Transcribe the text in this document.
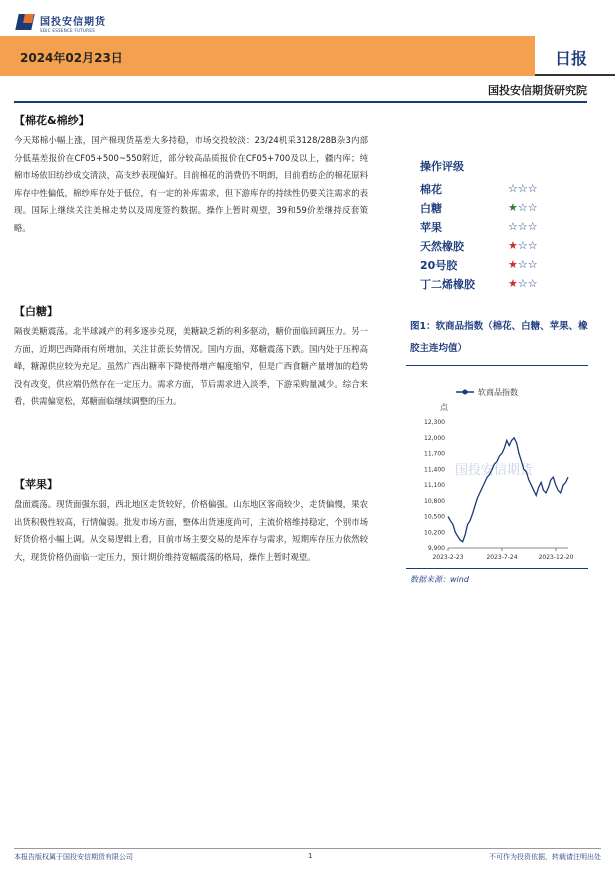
国投安信期货
SDIC ESSENCE FUTURES
2024年02月23日	日报
国投安信期货研究院
【棉花&棉纱】
今天郑棉小幅上涨，国产棉现货基差大多持稳，市场交投较淡：23/24机采3128/28B杂3内部分低基差报价在CF05+500~550附近，部分较高品质报价在CF05+700及以上，疆内库；纯棉市场依旧纺纱成交清淡，高支纱表现偏好。目前棉花的消费仍不明朗，目前看纺企的棉花原料库存中性偏低，棉纱库存处于低位，有一定的补库需求，但下游库存的持续性仍要关注需求的表现。国际上继续关注美棉走势以及周度签约数据。操作上暂时观望，39和59价差继持反套策略。
【白糖】
隔夜美糖震荡。北半球减产的利多逐步兑现，美糖缺乏新的利多驱动，糖价面临回调压力。另一方面，近期巴西降雨有所增加，关注甘蔗长势情况。国内方面，郑糖震荡下跌。国内处于压榨高峰，糖源供应较为充足。虽然广西出糖率下降使得增产幅度缩窄，但是广西食糖产量增加的趋势没有改变，供应端仍然存在一定压力。需求方面，节后需求进入淡季，下游采购量减少。综合来看，供需偏宽松，郑糖面临继续调整的压力。
【苹果】
盘面震荡。现货面强东弱，西北地区走货较好，价格偏强。山东地区客商较少，走货偏慢，果农出货积极性较高，行情偏弱。批发市场方面，整体出货速度尚可，主流价格维持稳定，个别市场好货价格小幅上调。从交易逻辑上看，目前市场主要交易的是库存与需求，短期库存压力依然较大，现货价格仍面临一定压力，预计期价维持宽幅震荡的格局，操作上暂时观望。
操作评级
棉花	☆☆☆
白糖	★☆☆
苹果	☆☆☆
天然橡胶	★☆☆
20号胶	★☆☆
丁二烯橡胶	★☆☆
图1：软商品指数（棉花、白糖、苹果、橡胶主连均值）
国投安信期货
软商品指数
点
9,900
10,200
10,500
10,800
11,100
11,400
11,700
12,000
12,300
2023-2-23	2023-7-24	2023-12-20
数据来源：wind
本报告版权属于国投安信期货有限公司	1	不可作为投资依据，转载请注明出处
